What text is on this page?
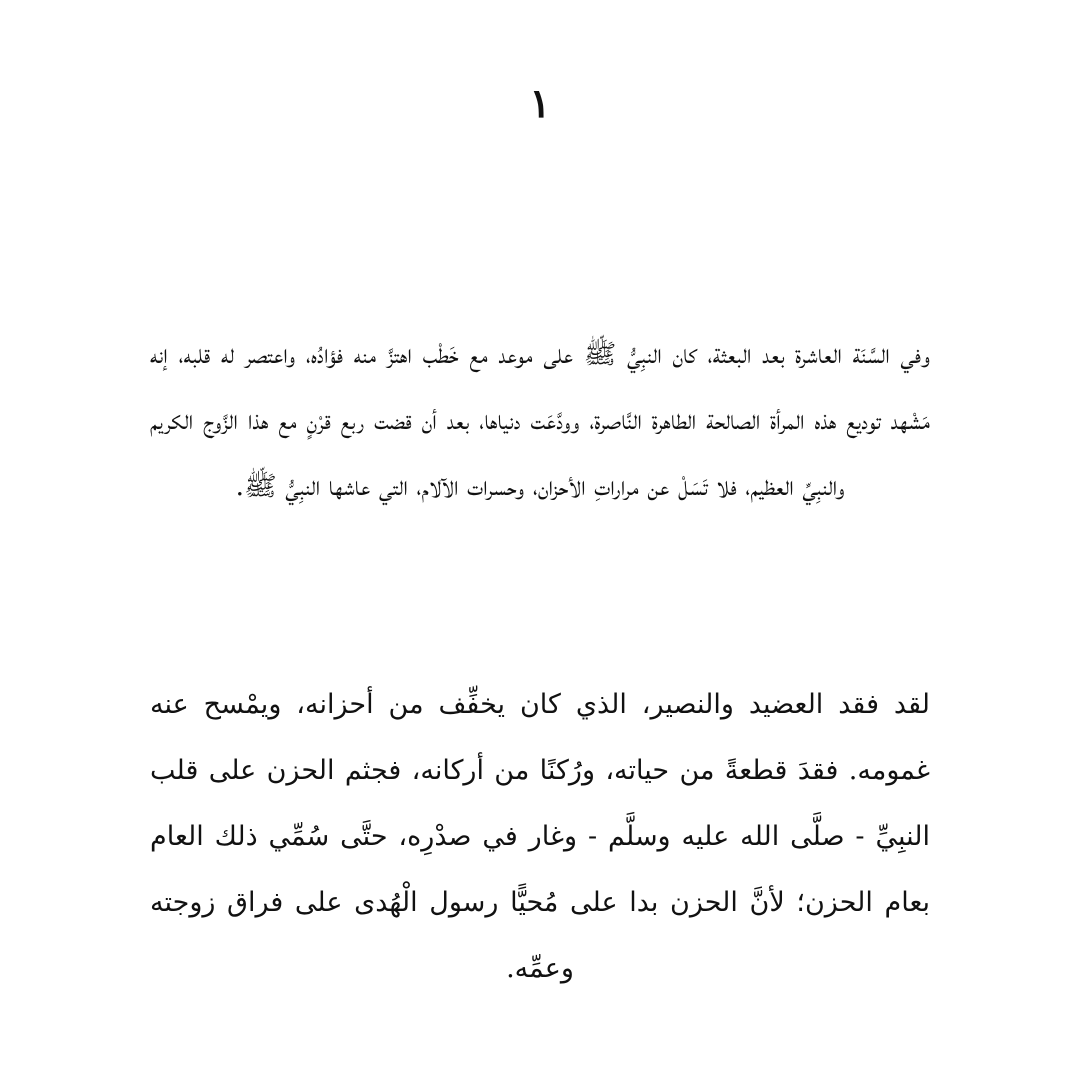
١

وفي السَّنَة العاشرة بعد البعثة، كان النبِيُّ ﷺ على موعد مع خَطْب اهتزَّ منه فؤادُه، واعتصر له قلبه، إنه مَشْهد توديع هذه المرأة الصالحة الطاهرة النَّاصرة، وودَّعَت دنياها، بعد أن قضت ربع قرْنٍ مع هذا الزَّوج الكريم والنبِيِّ العظيم، فلا تَسَلْ عن مراراتِ الأحزان، وحسرات الآلام، التي عاشها النبِيُّ ﷺ.

لقد فقد العضيد والنصير، الذي كان يخفِّف من أحزانه، ويمْسح عنه غمومه. فقدَ قطعةً من حياته، ورُكنًا من أركانه، فجثم الحزن على قلب النبِيِّ - صلَّى الله عليه وسلَّم - وغار في صدْرِه، حتَّى سُمِّي ذلك العام بعام الحزن؛ لأنَّ الحزن بدا على مُحيًّا رسول الْهُدى على فراق زوجته وعمِّه.
